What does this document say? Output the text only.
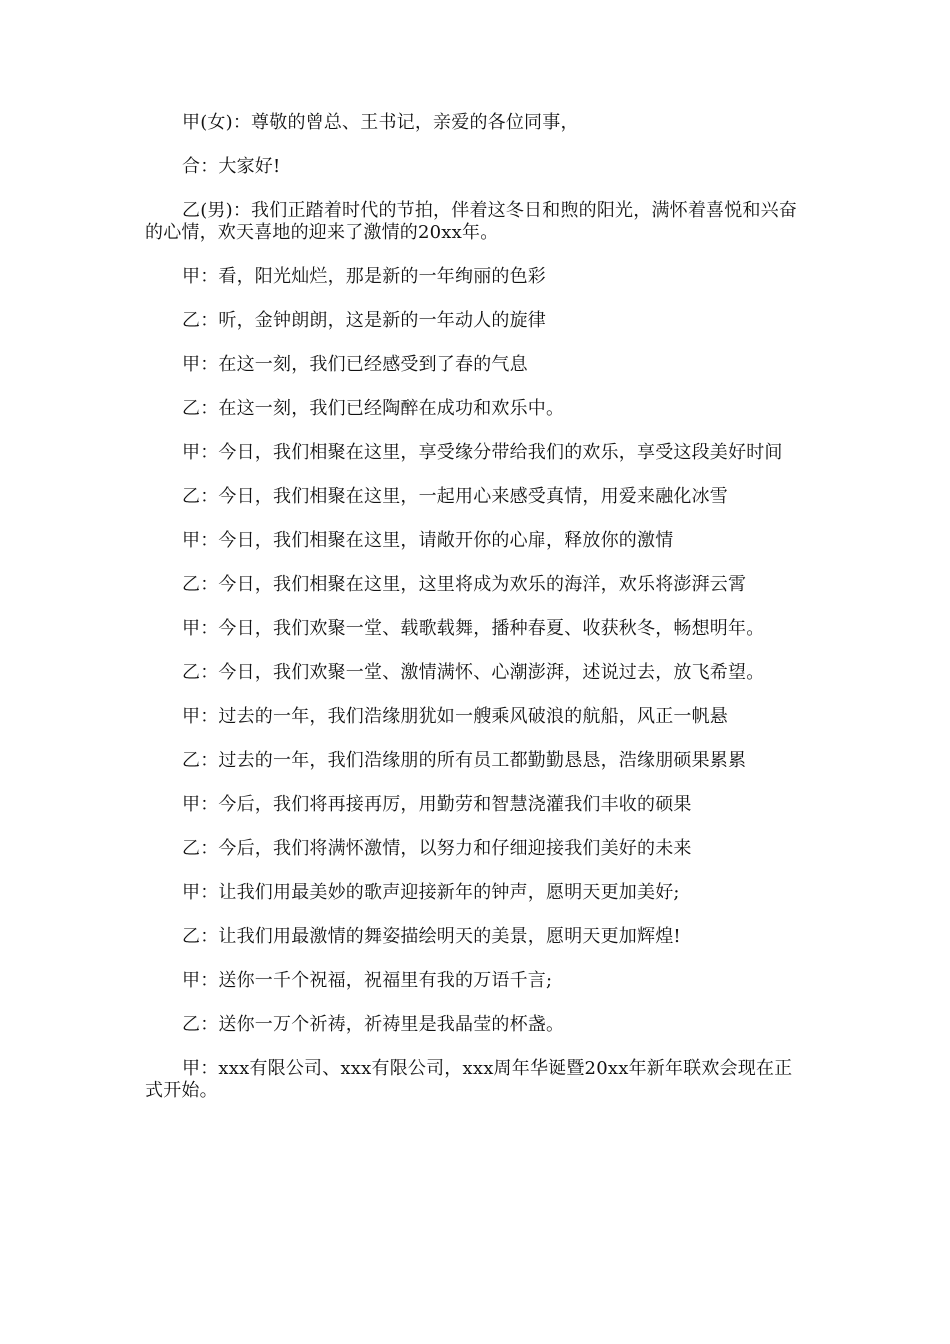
甲(女)：尊敬的曾总、王书记，亲爱的各位同事，

合：大家好!

乙(男)：我们正踏着时代的节拍，伴着这冬日和煦的阳光，满怀着喜悦和兴奋的心情，欢天喜地的迎来了激情的20xx年。

甲：看，阳光灿烂，那是新的一年绚丽的色彩

乙：听，金钟朗朗，这是新的一年动人的旋律

甲：在这一刻，我们已经感受到了春的气息

乙：在这一刻，我们已经陶醉在成功和欢乐中。

甲：今日，我们相聚在这里，享受缘分带给我们的欢乐，享受这段美好时间

乙：今日，我们相聚在这里，一起用心来感受真情，用爱来融化冰雪

甲：今日，我们相聚在这里，请敞开你的心扉，释放你的激情

乙：今日，我们相聚在这里，这里将成为欢乐的海洋，欢乐将澎湃云霄

甲：今日，我们欢聚一堂、载歌载舞，播种春夏、收获秋冬，畅想明年。

乙：今日，我们欢聚一堂、激情满怀、心潮澎湃，述说过去，放飞希望。

甲：过去的一年，我们浩缘朋犹如一艘乘风破浪的航船，风正一帆悬

乙：过去的一年，我们浩缘朋的所有员工都勤勤恳恳，浩缘朋硕果累累

甲：今后，我们将再接再厉，用勤劳和智慧浇灌我们丰收的硕果

乙：今后，我们将满怀激情，以努力和仔细迎接我们美好的未来

甲：让我们用最美妙的歌声迎接新年的钟声，愿明天更加美好;

乙：让我们用最激情的舞姿描绘明天的美景，愿明天更加辉煌!

甲：送你一千个祝福，祝福里有我的万语千言;

乙：送你一万个祈祷，祈祷里是我晶莹的杯盏。

甲：xxx有限公司、xxx有限公司，xxx周年华诞暨20xx年新年联欢会现在正式开始。
